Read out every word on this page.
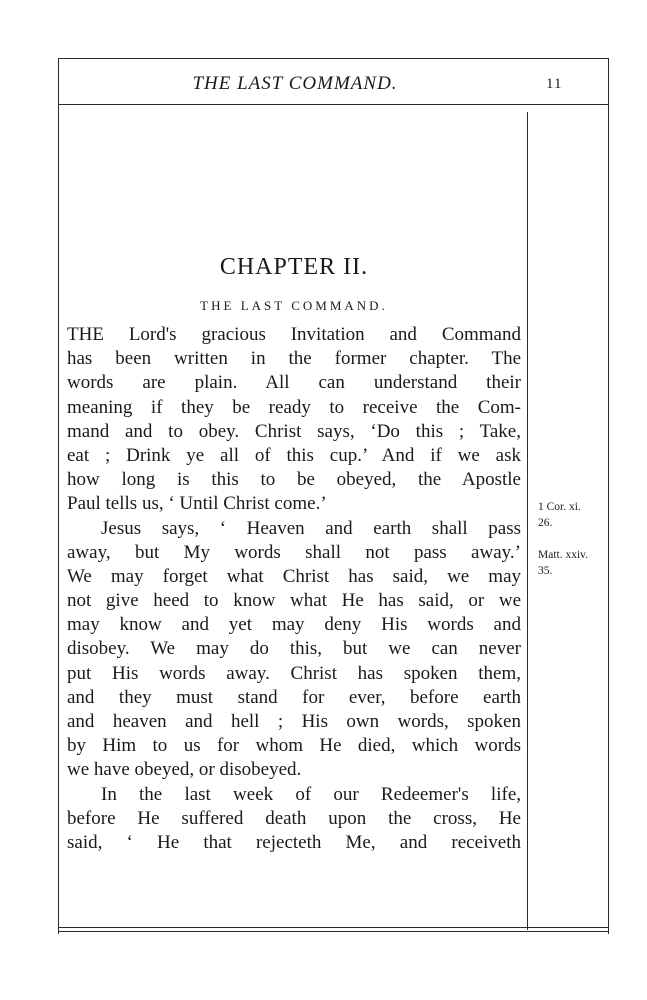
THE LAST COMMAND.	11
CHAPTER II.
THE LAST COMMAND.
THE Lord's gracious Invitation and Command
has been written in the former chapter. The
words are plain. All can understand their
meaning if they be ready to receive the Com-
mand and to obey. Christ says, ‘Do this ; Take,
eat ; Drink ye all of this cup.’ And if we ask
how long is this to be obeyed, the Apostle
Paul tells us, ‘ Until Christ come.’
Jesus says, ‘ Heaven and earth shall pass
away, but My words shall not pass away.’
We may forget what Christ has said, we may
not give heed to know what He has said, or we
may know and yet may deny His words and
disobey. We may do this, but we can never
put His words away. Christ has spoken them,
and they must stand for ever, before earth
and heaven and hell ; His own words, spoken
by Him to us for whom He died, which words
we have obeyed, or disobeyed.
In the last week of our Redeemer's life,
before He suffered death upon the cross, He
said, ‘ He that rejecteth Me, and receiveth
1 Cor. xi.
26.
Matt. xxiv.
35.
